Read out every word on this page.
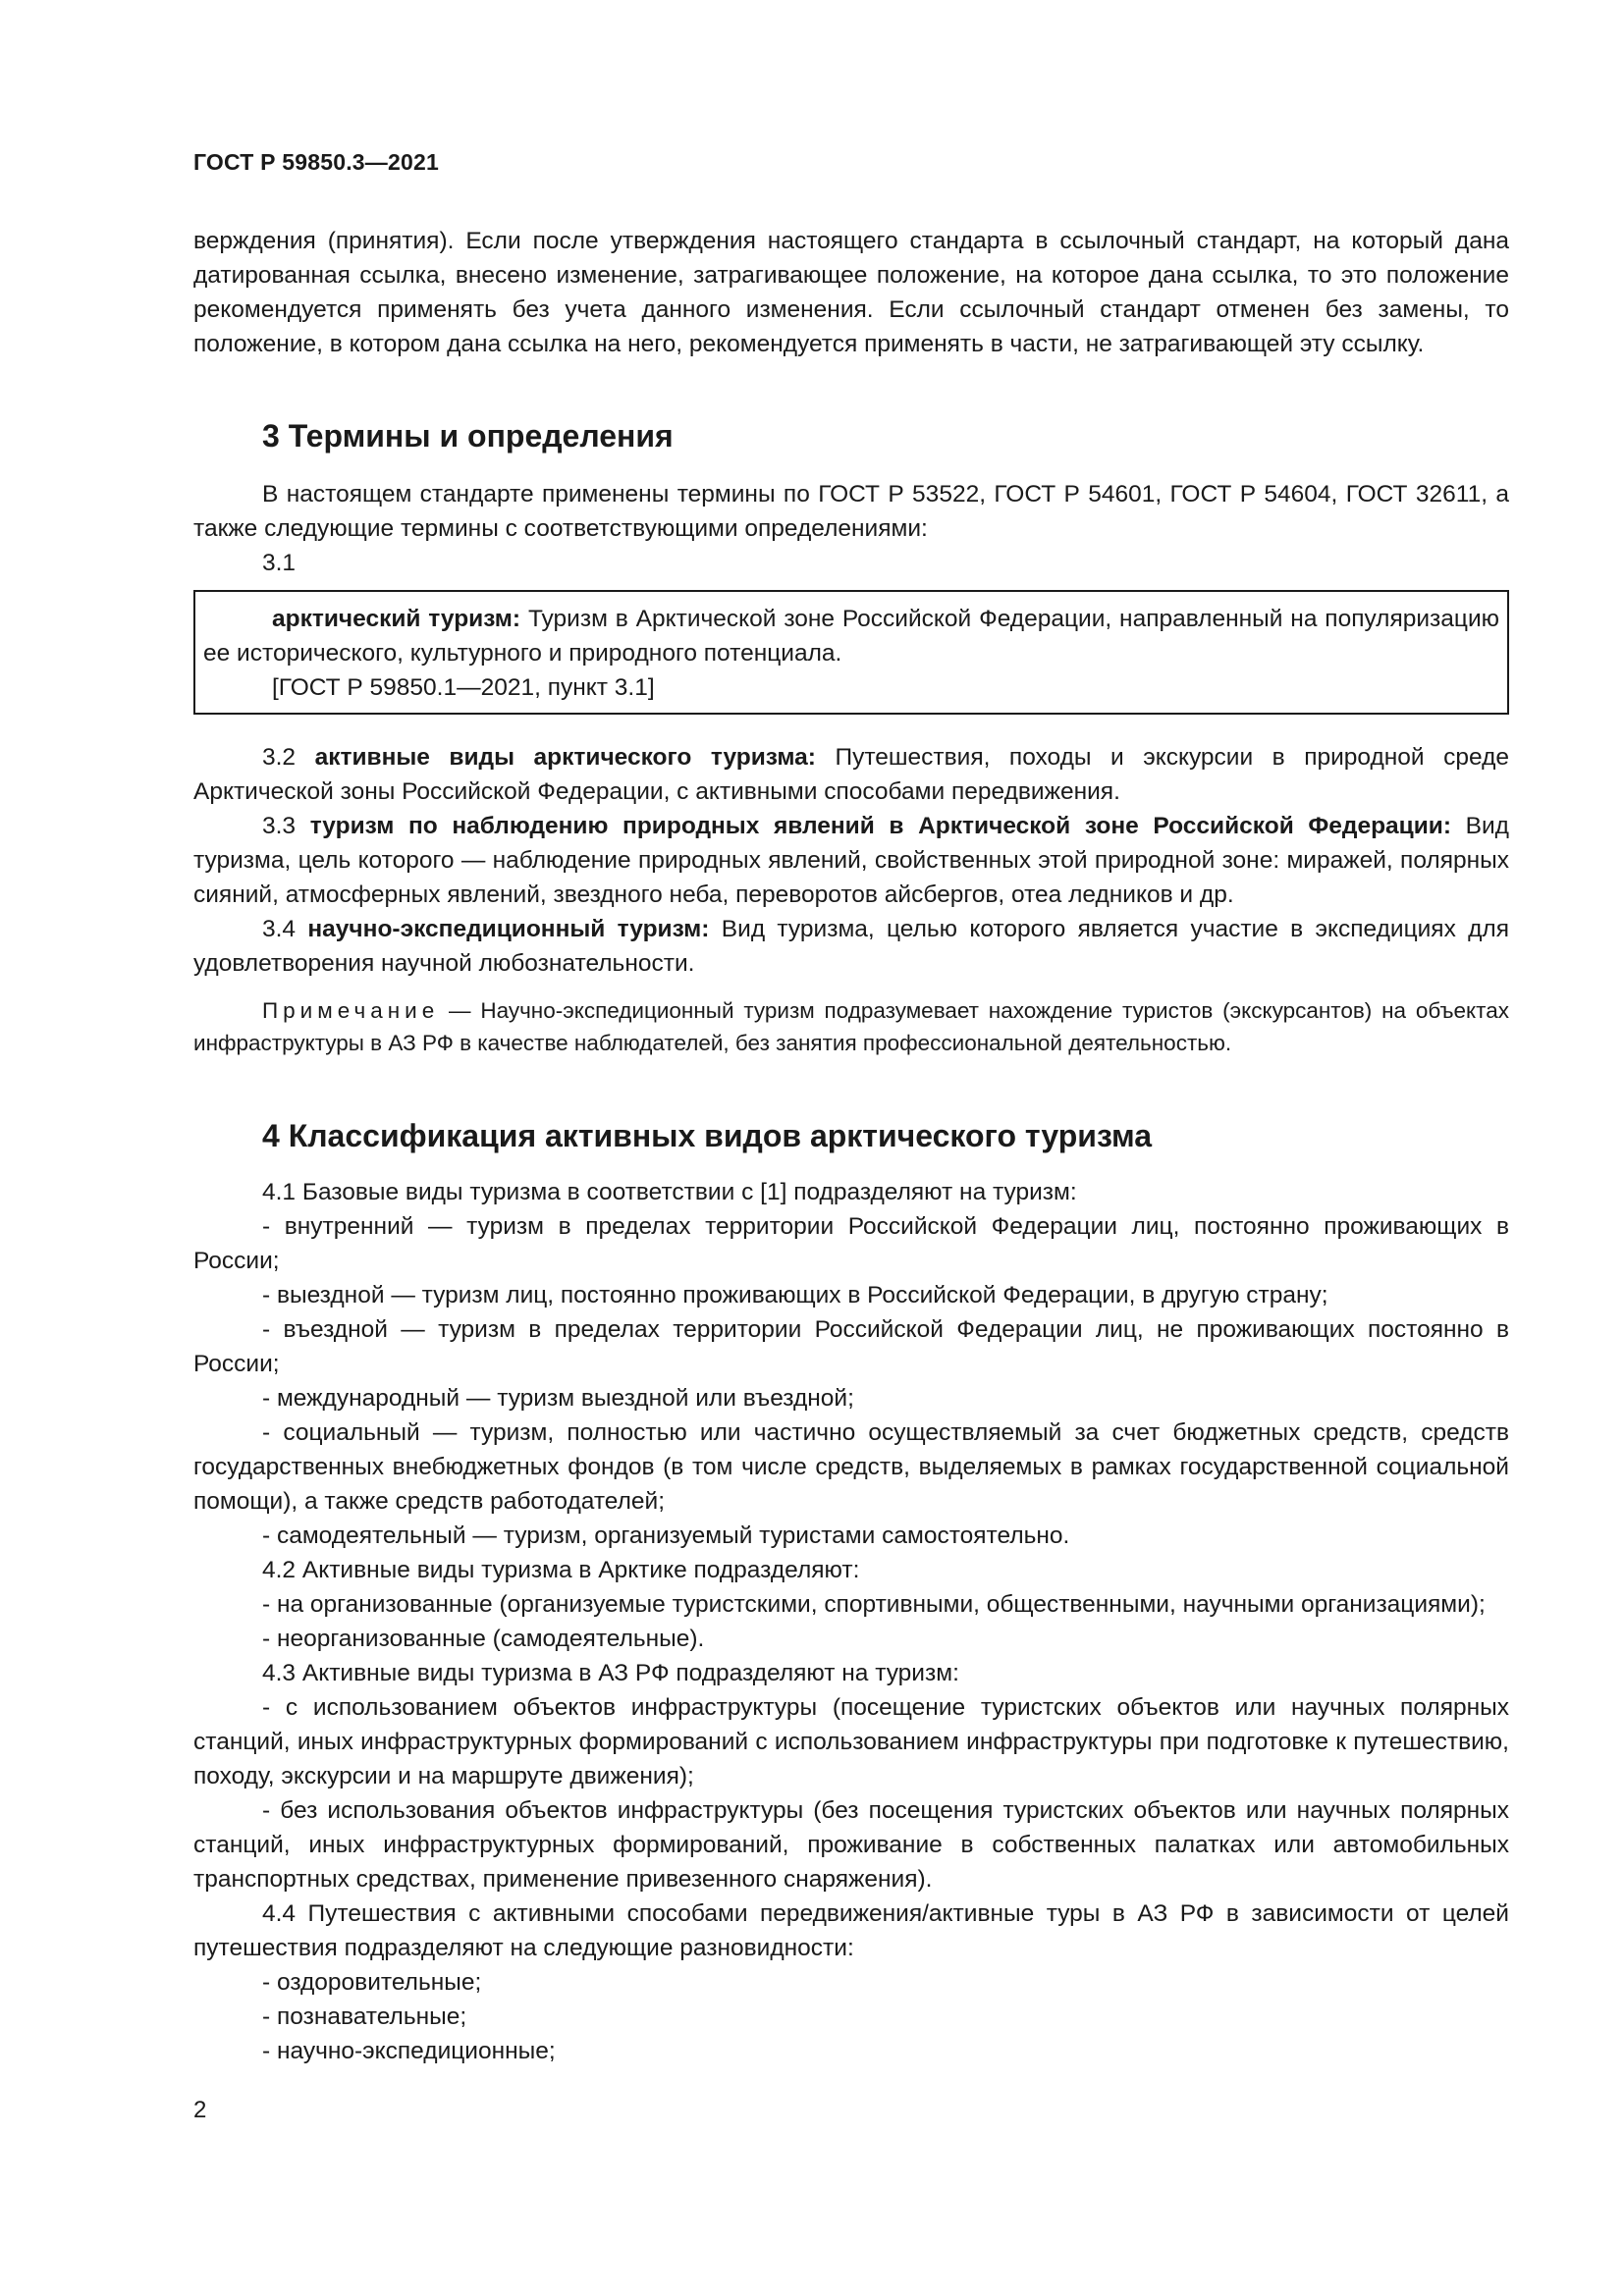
ГОСТ Р 59850.3—2021

верждения (принятия). Если после утверждения настоящего стандарта в ссылочный стандарт, на который дана датированная ссылка, внесено изменение, затрагивающее положение, на которое дана ссылка, то это положение рекомендуется применять без учета данного изменения. Если ссылочный стандарт отменен без замены, то положение, в котором дана ссылка на него, рекомендуется применять в части, не затрагивающей эту ссылку.

3 Термины и определения

В настоящем стандарте применены термины по ГОСТ Р 53522, ГОСТ Р 54601, ГОСТ Р 54604, ГОСТ 32611, а также следующие термины с соответствующими определениями:

3.1

арктический туризм: Туризм в Арктической зоне Российской Федерации, направленный на популяризацию ее исторического, культурного и природного потенциала.

[ГОСТ Р 59850.1—2021, пункт 3.1]

3.2 активные виды арктического туризма: Путешествия, походы и экскурсии в природной среде Арктической зоны Российской Федерации, с активными способами передвижения.

3.3 туризм по наблюдению природных явлений в Арктической зоне Российской Федерации: Вид туризма, цель которого — наблюдение природных явлений, свойственных этой природной зоне: миражей, полярных сияний, атмосферных явлений, звездного неба, переворотов айсбергов, отеа ледников и др.

3.4 научно-экспедиционный туризм: Вид туризма, целью которого является участие в экспедициях для удовлетворения научной любознательности.

Примечание — Научно-экспедиционный туризм подразумевает нахождение туристов (экскурсантов) на объектах инфраструктуры в АЗ РФ в качестве наблюдателей, без занятия профессиональной деятельностью.

4 Классификация активных видов арктического туризма

4.1 Базовые виды туризма в соответствии с [1] подразделяют на туризм:

- внутренний — туризм в пределах территории Российской Федерации лиц, постоянно проживающих в России;

- выездной — туризм лиц, постоянно проживающих в Российской Федерации, в другую страну;

- въездной — туризм в пределах территории Российской Федерации лиц, не проживающих постоянно в России;

- международный — туризм выездной или въездной;

- социальный — туризм, полностью или частично осуществляемый за счет бюджетных средств, средств государственных внебюджетных фондов (в том числе средств, выделяемых в рамках государственной социальной помощи), а также средств работодателей;

- самодеятельный — туризм, организуемый туристами самостоятельно.

4.2 Активные виды туризма в Арктике подразделяют:

- на организованные (организуемые туристскими, спортивными, общественными, научными организациями);

- неорганизованные (самодеятельные).

4.3 Активные виды туризма в АЗ РФ подразделяют на туризм:

- с использованием объектов инфраструктуры (посещение туристских объектов или научных полярных станций, иных инфраструктурных формирований с использованием инфраструктуры при подготовке к путешествию, походу, экскурсии и на маршруте движения);

- без использования объектов инфраструктуры (без посещения туристских объектов или научных полярных станций, иных инфраструктурных формирований, проживание в собственных палатках или автомобильных транспортных средствах, применение привезенного снаряжения).

4.4 Путешествия с активными способами передвижения/активные туры в АЗ РФ в зависимости от целей путешествия подразделяют на следующие разновидности:

- оздоровительные;

- познавательные;

- научно-экспедиционные;

2
